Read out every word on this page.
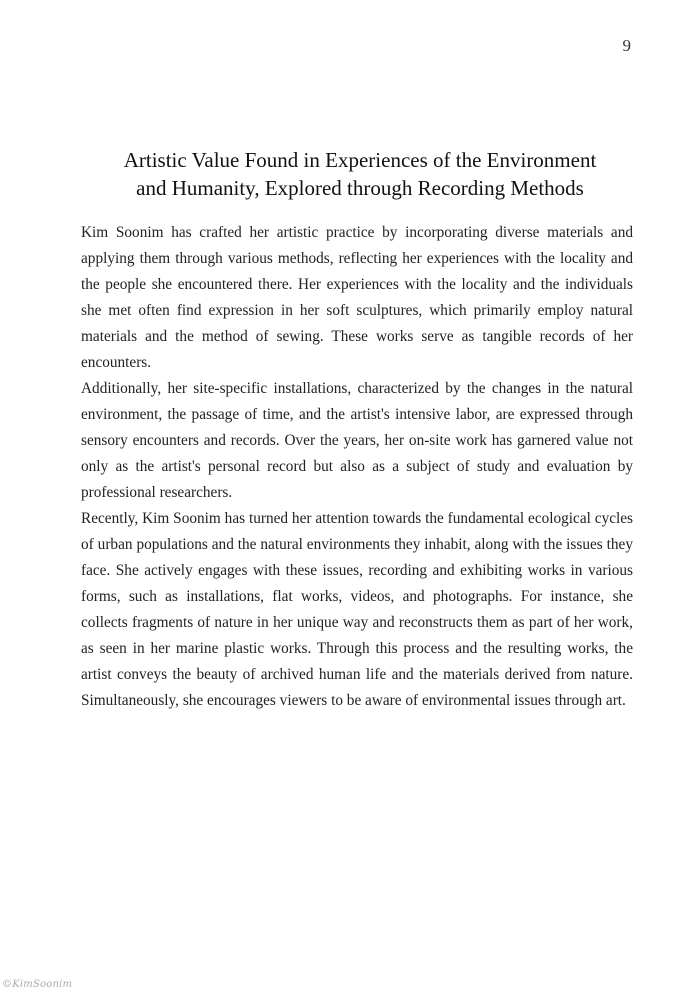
9
Artistic Value Found in Experiences of the Environment
and Humanity, Explored through Recording Methods

Kim Soonim has crafted her artistic practice by incorporating diverse materials and applying them through various methods, reflecting her experiences with the locality and the people she encountered there. Her experiences with the locality and the individuals she met often find expression in her soft sculptures, which primarily employ natural materials and the method of sewing. These works serve as tangible records of her encounters.

Additionally, her site-specific installations, characterized by the changes in the natural environment, the passage of time, and the artist's intensive labor, are expressed through sensory encounters and records. Over the years, her on-site work has garnered value not only as the artist's personal record but also as a subject of study and evaluation by professional researchers.

Recently, Kim Soonim has turned her attention towards the fundamental ecological cycles of urban populations and the natural environments they inhabit, along with the issues they face. She actively engages with these issues, recording and exhibiting works in various forms, such as installations, flat works, videos, and photographs. For instance, she collects fragments of nature in her unique way and reconstructs them as part of her work, as seen in her marine plastic works. Through this process and the resulting works, the artist conveys the beauty of archived human life and the materials derived from nature. Simultaneously, she encourages viewers to be aware of environmental issues through art.

©KimSoonim
